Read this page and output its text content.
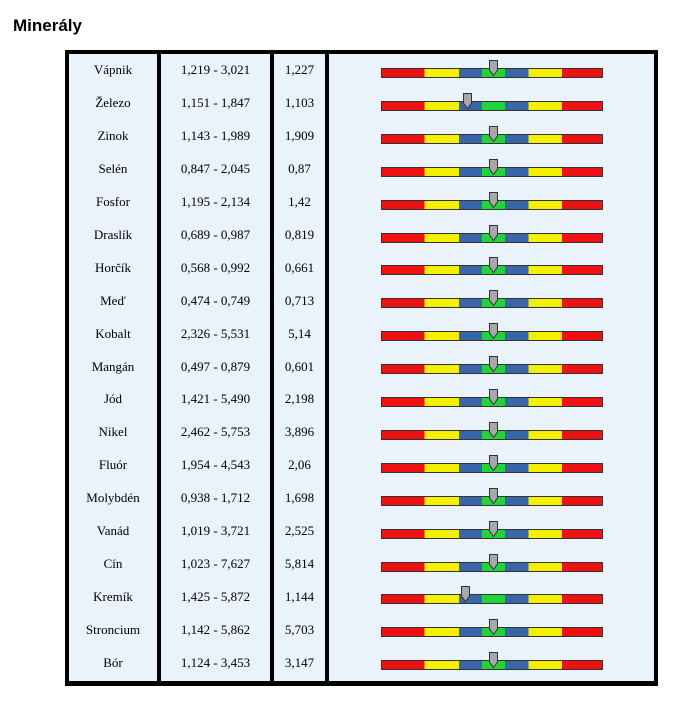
Minerály
Vápnik
Železo
Zinok
Selén
Fosfor
Draslík
Horčík
Meď
Kobalt
Mangán
Jód
Nikel
Fluór
Molybdén
Vanád
Cín
Kremík
Stroncium
Bór
1,219 - 3,021
1,151 - 1,847
1,143 - 1,989
0,847 - 2,045
1,195 - 2,134
0,689 - 0,987
0,568 - 0,992
0,474 - 0,749
2,326 - 5,531
0,497 - 0,879
1,421 - 5,490
2,462 - 5,753
1,954 - 4,543
0,938 - 1,712
1,019 - 3,721
1,023 - 7,627
1,425 - 5,872
1,142 - 5,862
1,124 - 3,453
1,227
1,103
1,909
0,87
1,42
0,819
0,661
0,713
5,14
0,601
2,198
3,896
2,06
1,698
2,525
5,814
1,144
5,703
3,147
